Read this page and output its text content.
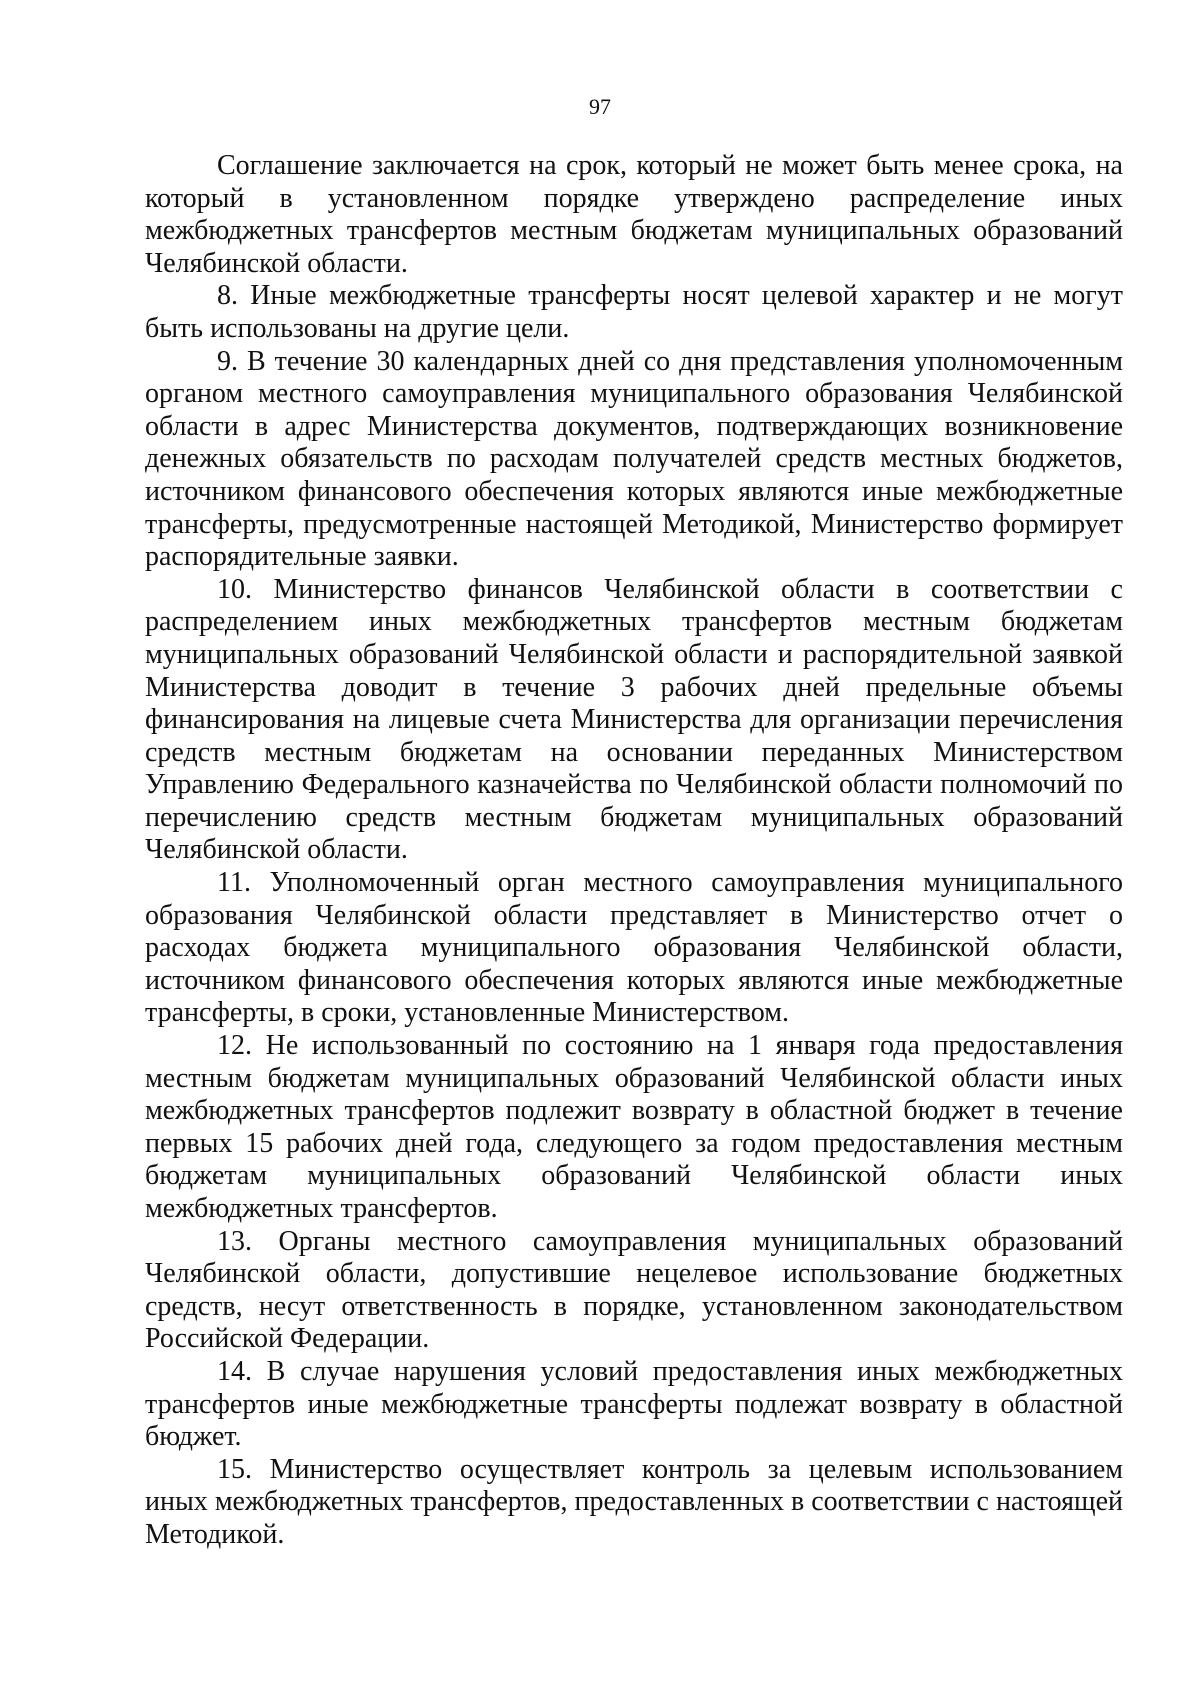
97

Соглашение заключается на срок, который не может быть менее срока, на который в установленном порядке утверждено распределение иных межбюджетных трансфертов местным бюджетам муниципальных образований Челябинской области.

8. Иные межбюджетные трансферты носят целевой характер и не могут быть использованы на другие цели.

9. В течение 30 календарных дней со дня представления уполномоченным органом местного самоуправления муниципального образования Челябинской области в адрес Министерства документов, подтверждающих возникновение денежных обязательств по расходам получателей средств местных бюджетов, источником финансового обеспечения которых являются иные межбюджетные трансферты, предусмотренные настоящей Методикой, Министерство формирует распорядительные заявки.

10. Министерство финансов Челябинской области в соответствии с распределением иных межбюджетных трансфертов местным бюджетам муниципальных образований Челябинской области и распорядительной заявкой Министерства доводит в течение 3 рабочих дней предельные объемы финансирования на лицевые счета Министерства для организации перечисления средств местным бюджетам на основании переданных Министерством Управлению Федерального казначейства по Челябинской области полномочий по перечислению средств местным бюджетам муниципальных образований Челябинской области.

11. Уполномоченный орган местного самоуправления муниципального образования Челябинской области представляет в Министерство отчет о расходах бюджета муниципального образования Челябинской области, источником финансового обеспечения которых являются иные межбюджетные трансферты, в сроки, установленные Министерством.

12. Не использованный по состоянию на 1 января года предоставления местным бюджетам муниципальных образований Челябинской области иных межбюджетных трансфертов подлежит возврату в областной бюджет в течение первых 15 рабочих дней года, следующего за годом предоставления местным бюджетам муниципальных образований Челябинской области иных межбюджетных трансфертов.

13. Органы местного самоуправления муниципальных образований Челябинской области, допустившие нецелевое использование бюджетных средств, несут ответственность в порядке, установленном законодательством Российской Федерации.

14. В случае нарушения условий предоставления иных межбюджетных трансфертов иные межбюджетные трансферты подлежат возврату в областной бюджет.

15. Министерство осуществляет контроль за целевым использованием иных межбюджетных трансфертов, предоставленных в соответствии с настоящей Методикой.
